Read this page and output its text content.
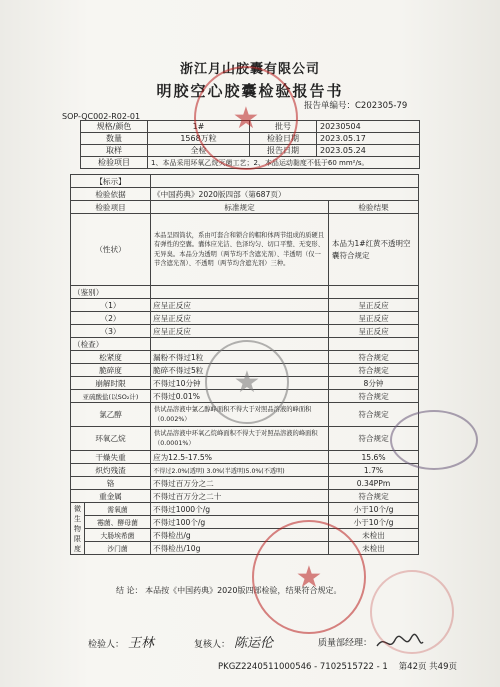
浙江月山胶囊有限公司
明胶空心胶囊检验报告书
SOP-QC002-R02-01
报告单编号：C202305-79
规格/颜色	1#	批号	20230504
数量	1568万粒	检验日期	2023.05.17
取样	全检	报告日期	2023.05.24
检验项目	1、本品采用环氧乙烷灭菌工艺；2、本品运动黏度不低于60 mm²/s。		
【标示】			
检验依据		《中国药典》2020版四部（第687页）	
检验项目		标准规定	检验结果
（性状）		本品呈圆筒状，系由可套合和锁合的帽和体两节组成的质硬且有弹性的空囊。囊体应光洁、色泽均匀、切口平整、无变形、无异臭。本品分为透明（两节均不含遮光剂）、半透明（仅一节含遮光剂）、不透明（两节均含遮光剂）三种。	本品为1#红黄不透明空囊符合规定
（鉴别）			
（1）		应呈正反应	呈正反应
（2）		应呈正反应	呈正反应
（3）		应呈正反应	呈正反应
（检查）			
松紧度		漏粉不得过1粒	符合规定
脆碎度		脆碎不得过5粒	符合规定
崩解时限		不得过10分钟	8分钟
亚硫酸盐(以SO₂计)		不得过0.01%	符合规定
氯乙醇		供试品溶液中氯乙醇峰面积不得大于对照品溶液的峰面积（0.002%）	符合规定
环氧乙烷		供试品溶液中环氧乙烷峰面积不得大于对照品溶液的峰面积（0.0001%）	符合规定
干燥失重		应为12.5-17.5%	15.6%
炽灼残渣		不得过2.0%(透明) 3.0%(半透明)5.0%(不透明)	1.7%
铬		不得过百万分之二	0.34PPm
重金属		不得过百万分之二十	符合规定
微生物限度	需氧菌	不得过1000个/g	小于10个/g
	霉菌、酵母菌	不得过100个/g	小于10个/g
	大肠埃希菌	不得检出/g	未检出
	沙门菌	不得检出/10g	未检出
结 论： 本品按《中国药典》2020版四部检验，结果符合规定。
检验人： 王林	复核人： 陈运伦	质量部经理：
★
★
★
PKGZ2240511000546 - 7102515722 - 1 第42页 共49页
